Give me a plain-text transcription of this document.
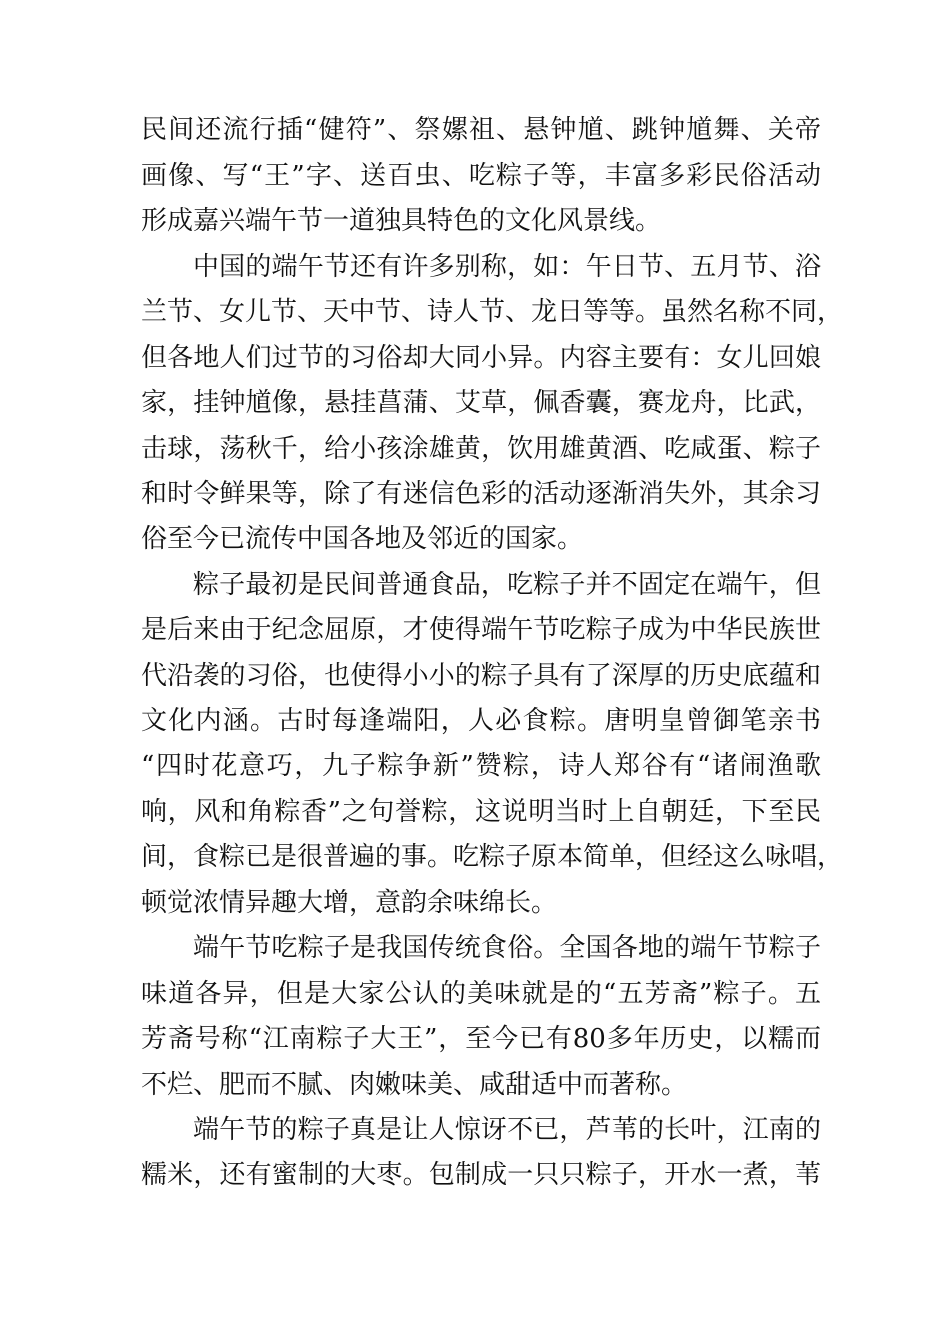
民间还流行插“健符”、祭嫘祖、悬钟馗、跳钟馗舞、关帝
画像、写“王”字、送百虫、吃粽子等，丰富多彩民俗活动
形成嘉兴端午节一道独具特色的文化风景线。
中国的端午节还有许多别称，如：午日节、五月节、浴
兰节、女儿节、天中节、诗人节、龙日等等。虽然名称不同，
但各地人们过节的习俗却大同小异。内容主要有：女儿回娘
家，挂钟馗像，悬挂菖蒲、艾草，佩香囊，赛龙舟，比武，
击球，荡秋千，给小孩涂雄黄，饮用雄黄酒、吃咸蛋、粽子
和时令鲜果等，除了有迷信色彩的活动逐渐消失外，其余习
俗至今已流传中国各地及邻近的国家。
粽子最初是民间普通食品，吃粽子并不固定在端午，但
是后来由于纪念屈原，才使得端午节吃粽子成为中华民族世
代沿袭的习俗，也使得小小的粽子具有了深厚的历史底蕴和
文化内涵。古时每逢端阳，人必食粽。唐明皇曾御笔亲书
“四时花意巧，九子粽争新”赞粽，诗人郑谷有“诸闹渔歌
响，风和角粽香”之句誉粽，这说明当时上自朝廷，下至民
间，食粽已是很普遍的事。吃粽子原本简单，但经这么咏唱，
顿觉浓情异趣大增，意韵余味绵长。
端午节吃粽子是我国传统食俗。全国各地的端午节粽子
味道各异，但是大家公认的美味就是的“五芳斋”粽子。五
芳斋号称“江南粽子大王”，至今已有80多年历史，以糯而
不烂、肥而不腻、肉嫩味美、咸甜适中而著称。
端午节的粽子真是让人惊讶不已，芦苇的长叶，江南的
糯米，还有蜜制的大枣。包制成一只只粽子，开水一煮，苇
